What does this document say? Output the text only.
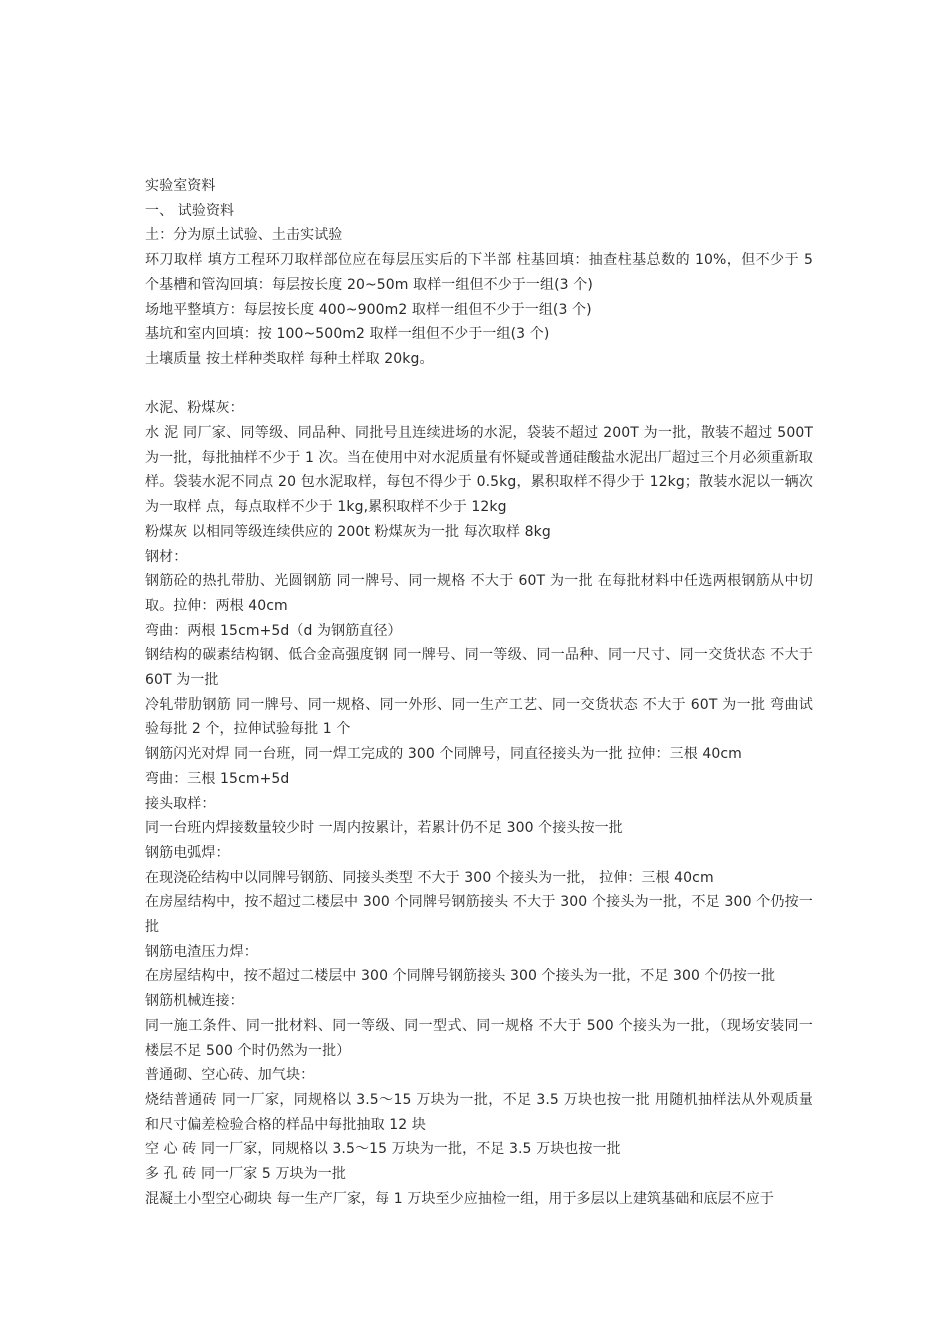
实验室资料

一、 试验资料

土：分为原土试验、土击实试验

环刀取样 填方工程环刀取样部位应在每层压实后的下半部 柱基回填：抽查柱基总数的 10%，但不少于 5 个基槽和管沟回填：每层按长度 20~50m 取样一组但不少于一组(3 个)

场地平整填方：每层按长度 400~900m2 取样一组但不少于一组(3 个)

基坑和室内回填：按 100~500m2 取样一组但不少于一组(3 个)

土壤质量 按土样种类取样 每种土样取 20kg。

水泥、粉煤灰：

水 泥 同厂家、同等级、同品种、同批号且连续进场的水泥，袋装不超过 200T 为一批，散装不超过 500T 为一批，每批抽样不少于 1 次。当在使用中对水泥质量有怀疑或普通硅酸盐水泥出厂超过三个月必须重新取样。袋装水泥不同点 20 包水泥取样，每包不得少于 0.5kg，累积取样不得少于 12kg；散装水泥以一辆次为一取样 点，每点取样不少于 1kg,累积取样不少于 12kg

粉煤灰 以相同等级连续供应的 200t 粉煤灰为一批 每次取样 8kg

钢材：

钢筋砼的热扎带肋、光圆钢筋 同一牌号、同一规格 不大于 60T 为一批 在每批材料中任选两根钢筋从中切取。拉伸：两根 40cm

弯曲：两根 15cm+5d（d 为钢筋直径）

钢结构的碳素结构钢、低合金高强度钢 同一牌号、同一等级、同一品种、同一尺寸、同一交货状态 不大于 60T 为一批

冷轧带肋钢筋 同一牌号、同一规格、同一外形、同一生产工艺、同一交货状态 不大于 60T 为一批 弯曲试验每批 2 个，拉伸试验每批 1 个

钢筋闪光对焊 同一台班，同一焊工完成的 300 个同牌号，同直径接头为一批 拉伸：三根 40cm

弯曲：三根 15cm+5d

接头取样：

同一台班内焊接数量较少时 一周内按累计，若累计仍不足 300 个接头按一批

钢筋电弧焊：

在现浇砼结构中以同牌号钢筋、同接头类型 不大于 300 个接头为一批， 拉伸：三根 40cm

在房屋结构中，按不超过二楼层中 300 个同牌号钢筋接头 不大于 300 个接头为一批，不足 300 个仍按一批

钢筋电渣压力焊：

在房屋结构中，按不超过二楼层中 300 个同牌号钢筋接头 300 个接头为一批，不足 300 个仍按一批

钢筋机械连接：

同一施工条件、同一批材料、同一等级、同一型式、同一规格 不大于 500 个接头为一批，（现场安装同一楼层不足 500 个时仍然为一批）

普通砌、空心砖、加气块：

烧结普通砖 同一厂家，同规格以 3.5～15 万块为一批，不足 3.5 万块也按一批 用随机抽样法从外观质量和尺寸偏差检验合格的样品中每批抽取 12 块

空 心 砖 同一厂家，同规格以 3.5～15 万块为一批，不足 3.5 万块也按一批

多 孔 砖 同一厂家 5 万块为一批

混凝土小型空心砌块 每一生产厂家，每 1 万块至少应抽检一组，用于多层以上建筑基础和底层不应于
